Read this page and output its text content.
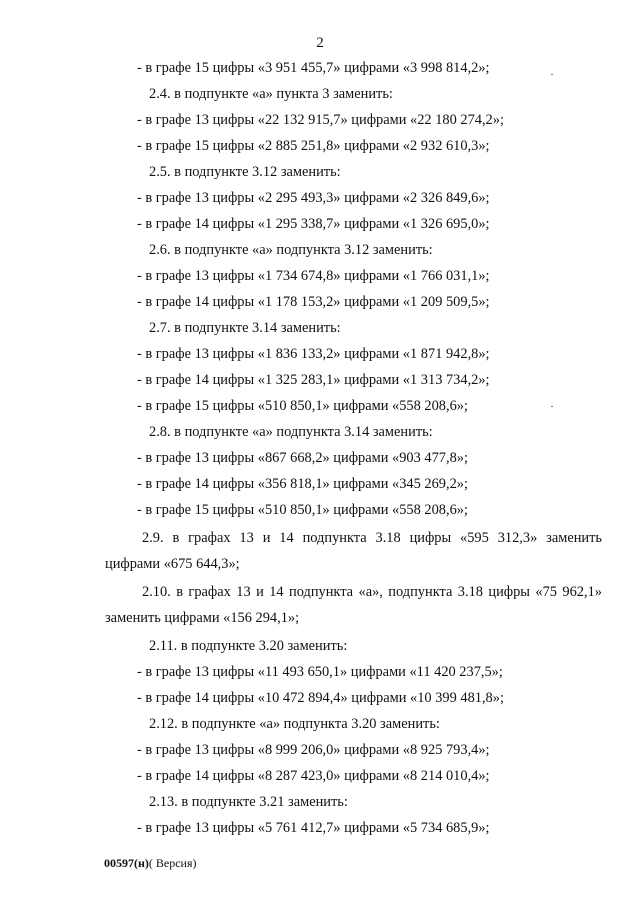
2
- в графе 15 цифры «3 951 455,7» цифрами «3 998 814,2»;
2.4. в подпункте «а» пункта 3 заменить:
- в графе 13 цифры «22 132 915,7» цифрами «22 180 274,2»;
- в графе 15 цифры «2 885 251,8» цифрами «2 932 610,3»;
2.5. в подпункте 3.12 заменить:
- в графе 13 цифры «2 295 493,3» цифрами «2 326 849,6»;
- в графе 14 цифры «1 295 338,7» цифрами «1 326 695,0»;
2.6. в подпункте «а» подпункта 3.12 заменить:
- в графе 13 цифры «1 734 674,8» цифрами «1 766 031,1»;
- в графе 14 цифры «1 178 153,2» цифрами «1 209 509,5»;
2.7. в подпункте 3.14 заменить:
- в графе 13 цифры «1 836 133,2» цифрами «1 871 942,8»;
- в графе 14 цифры «1 325 283,1» цифрами «1 313 734,2»;
- в графе 15 цифры «510 850,1» цифрами «558 208,6»;
2.8. в подпункте «а» подпункта 3.14 заменить:
- в графе 13 цифры «867 668,2» цифрами «903 477,8»;
- в графе 14 цифры «356 818,1» цифрами «345 269,2»;
- в графе 15 цифры «510 850,1» цифрами «558 208,6»;
2.9. в графах 13 и 14 подпункта 3.18 цифры «595 312,3» заменить
цифрами «675 644,3»;
2.10. в графах 13 и 14 подпункта «а», подпункта 3.18 цифры «75 962,1»
заменить цифрами «156 294,1»;
2.11. в подпункте 3.20 заменить:
- в графе 13 цифры «11 493 650,1» цифрами «11 420 237,5»;
- в графе 14 цифры «10 472 894,4» цифрами «10 399 481,8»;
2.12. в подпункте «а» подпункта 3.20 заменить:
- в графе 13 цифры «8 999 206,0» цифрами «8 925 793,4»;
- в графе 14 цифры «8 287 423,0» цифрами «8 214 010,4»;
2.13. в подпункте 3.21 заменить:
- в графе 13 цифры «5 761 412,7» цифрами «5 734 685,9»;
00597(н)( Версия)
